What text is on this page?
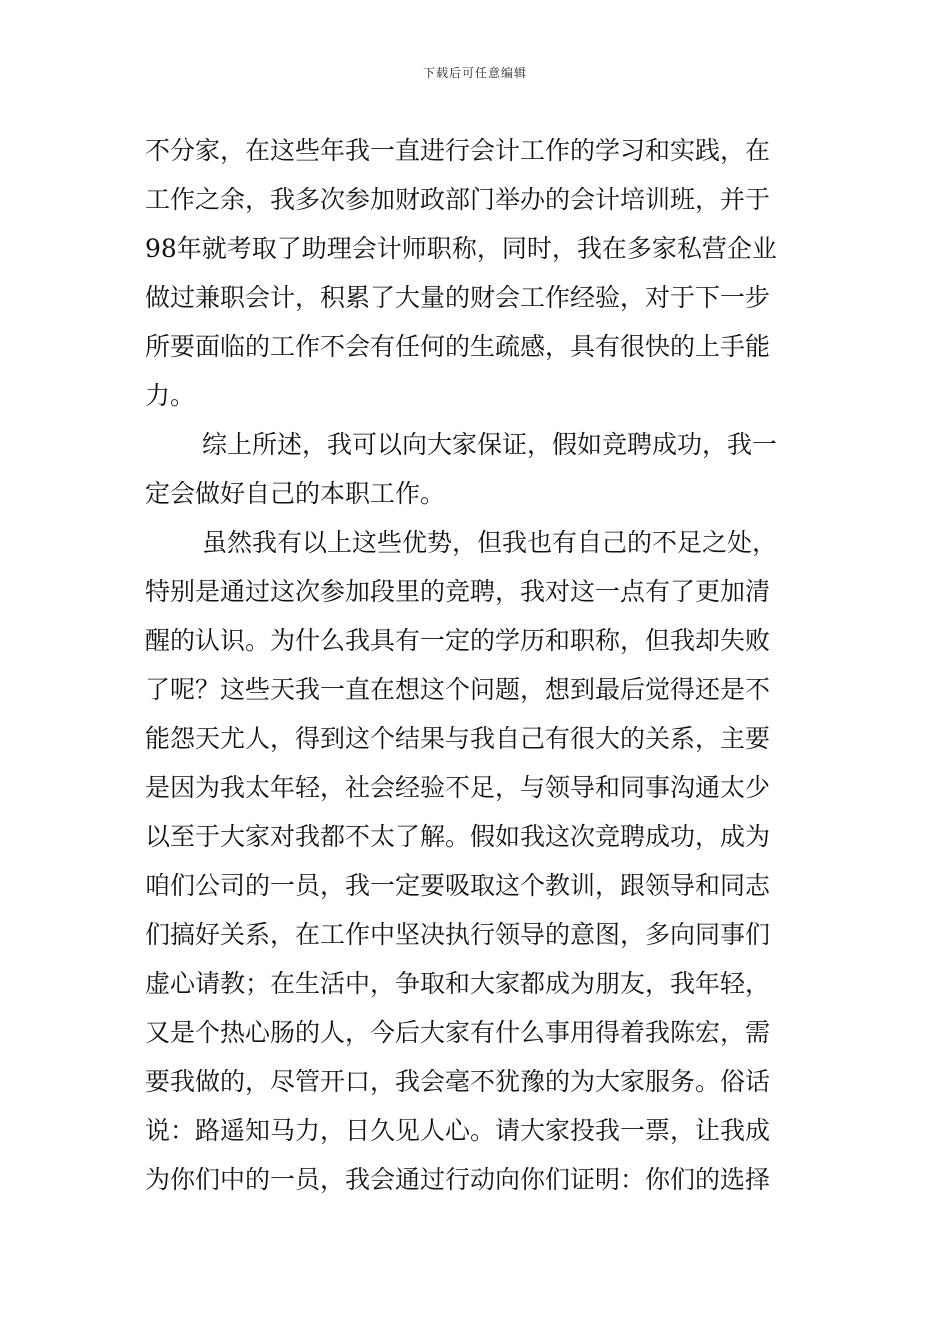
下载后可任意编辑
不分家，在这些年我一直进行会计工作的学习和实践，在
工作之余，我多次参加财政部门举办的会计培训班，并于
98年就考取了助理会计师职称，同时，我在多家私营企业
做过兼职会计，积累了大量的财会工作经验，对于下一步
所要面临的工作不会有任何的生疏感，具有很快的上手能
力。
综上所述，我可以向大家保证，假如竞聘成功，我一
定会做好自己的本职工作。
虽然我有以上这些优势，但我也有自己的不足之处，
特别是通过这次参加段里的竞聘，我对这一点有了更加清
醒的认识。为什么我具有一定的学历和职称，但我却失败
了呢？这些天我一直在想这个问题，想到最后觉得还是不
能怨天尤人，得到这个结果与我自己有很大的关系，主要
是因为我太年轻，社会经验不足，与领导和同事沟通太少
以至于大家对我都不太了解。假如我这次竞聘成功，成为
咱们公司的一员，我一定要吸取这个教训，跟领导和同志
们搞好关系，在工作中坚决执行领导的意图，多向同事们
虚心请教；在生活中，争取和大家都成为朋友，我年轻，
又是个热心肠的人，今后大家有什么事用得着我陈宏，需
要我做的，尽管开口，我会毫不犹豫的为大家服务。俗话
说：路遥知马力，日久见人心。请大家投我一票，让我成
为你们中的一员，我会通过行动向你们证明：你们的选择
